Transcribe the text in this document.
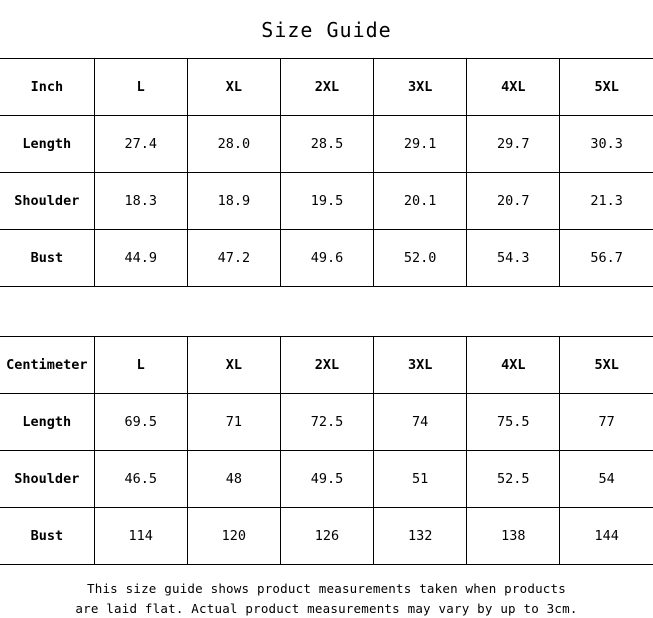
Size Guide
Inch	L	XL	2XL	3XL	4XL	5XL
Length	27.4	28.0	28.5	29.1	29.7	30.3
Shoulder	18.3	18.9	19.5	20.1	20.7	21.3
Bust	44.9	47.2	49.6	52.0	54.3	56.7
Centimeter	L	XL	2XL	3XL	4XL	5XL
Length	69.5	71	72.5	74	75.5	77
Shoulder	46.5	48	49.5	51	52.5	54
Bust	114	120	126	132	138	144
This size guide shows product measurements taken when products
are laid flat. Actual product measurements may vary by up to 3cm.
